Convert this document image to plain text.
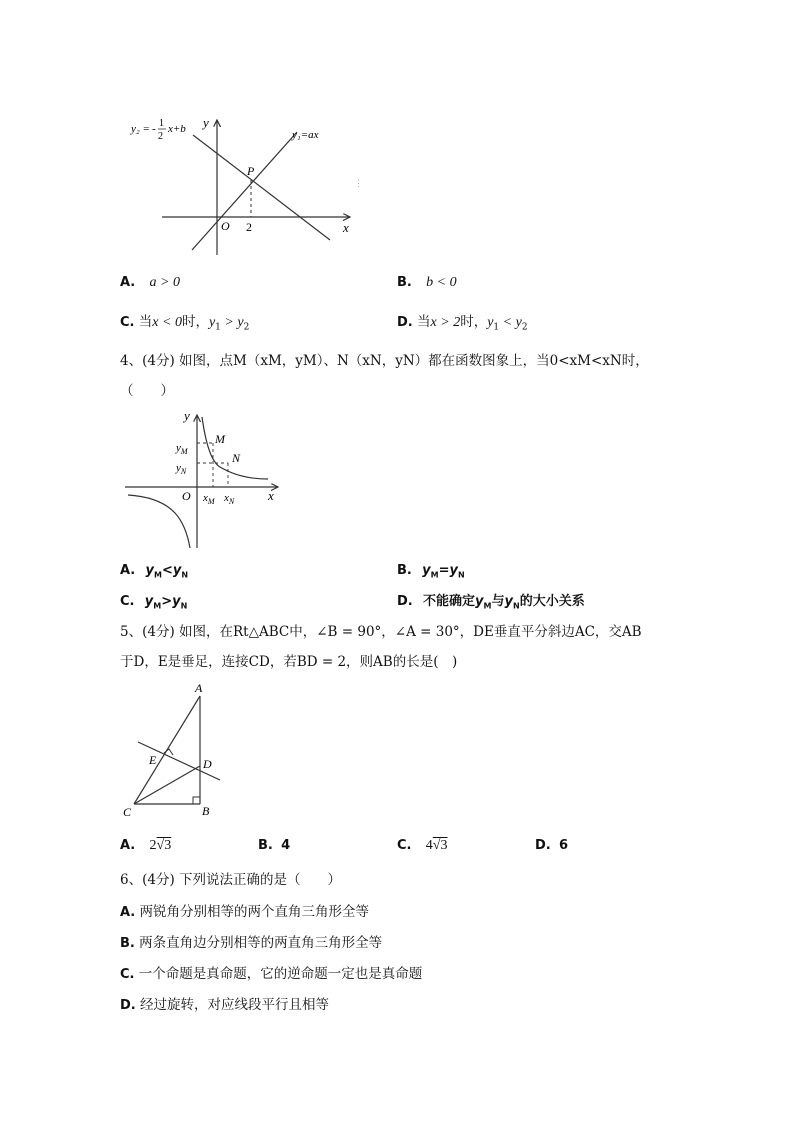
y₂ = 1
2
- x+b	y₁=ax
y
x
O
P
2
⋮
A. a > 0	B. b < 0
C. 当x < 0时，$y_1 > y_2$	D. 当x > 2时，$y_1 < y_2$
4、(4分) 如图，点M（xM，yM）、N（xN，yN）都在函数图象上，当0<xM<xN时，
（　　）
y
x
O
M
N
$y_M$
$y_N$
$x_M$ $x_N$
A. $y_M<y_N$	B. $y_M=y_N$
C. $y_M>y_N$	D. 不能确定$y_M$与$y_N$的大小关系
5、(4分) 如图，在Rt△ABC中，∠B = 90°，∠A = 30°，DE垂直平分斜边AC，交AB
于D，E是垂足，连接CD，若BD = 2，则AB的长是(　)
A
B
C
D
E
A. 2√3	B. 4	C. 4√3	D. 6
6、(4分) 下列说法正确的是（　　）
A. 两锐角分别相等的两个直角三角形全等
B. 两条直角边分别相等的两直角三角形全等
C. 一个命题是真命题，它的逆命题一定也是真命题
D. 经过旋转，对应线段平行且相等
